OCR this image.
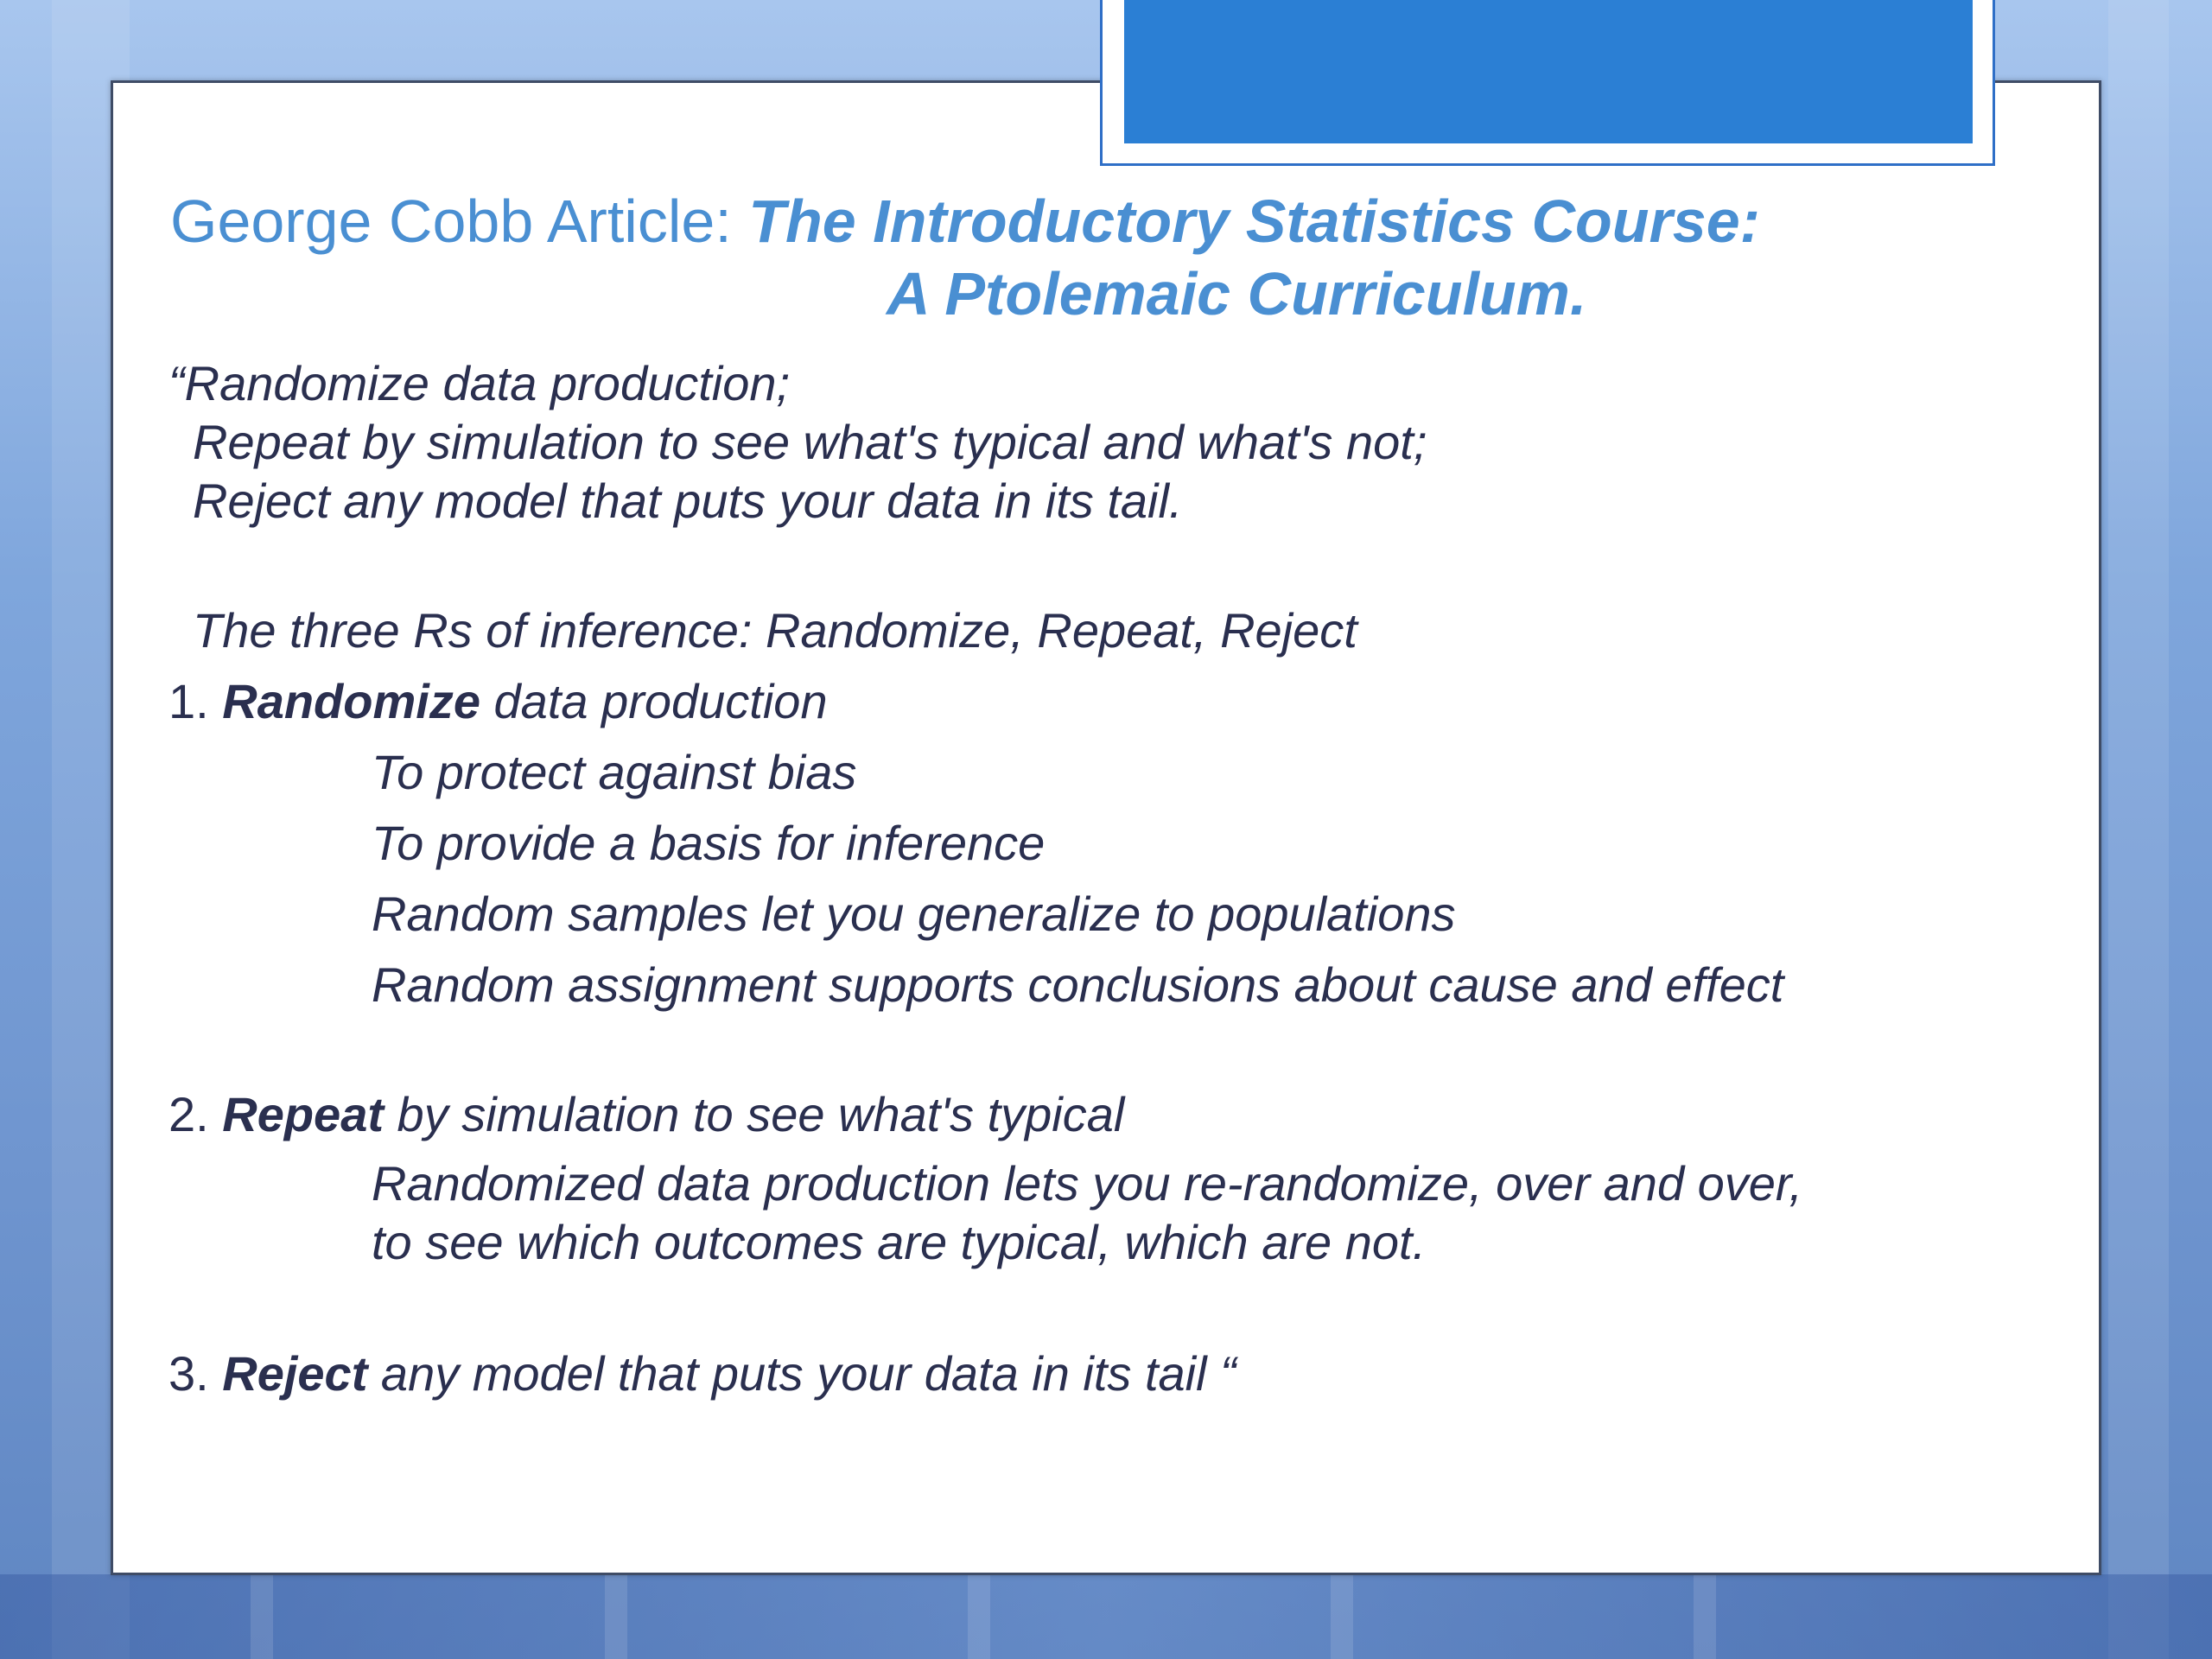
George Cobb Article: The Introductory Statistics Course:
A Ptolemaic Curriculum.
“Randomize data production;
Repeat by simulation to see what's typical and what's not;
Reject any model that puts your data in its tail.
The three Rs of inference: Randomize, Repeat, Reject
1. Randomize data production
To protect against bias
To provide a basis for inference
Random samples let you generalize to populations
Random assignment supports conclusions about cause and effect
2. Repeat by simulation to see what's typical
Randomized data production lets you re-randomize, over and over,
to see which outcomes are typical, which are not.
3. Reject any model that puts your data in its tail “
